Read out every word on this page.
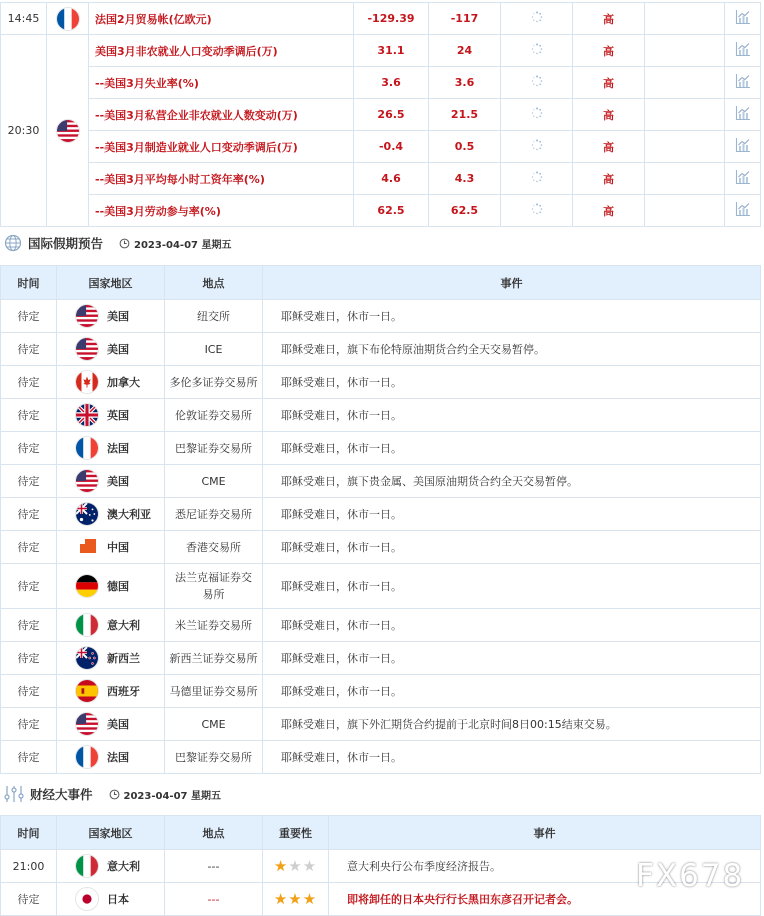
14:45		法国2月贸易帐(亿欧元)	-129.39	-117		高		
20:30		美国3月非农就业人口变动季调后(万)	31.1	24		高		
		--美国3月失业率(%)	3.6	3.6		高		
		--美国3月私营企业非农就业人数变动(万)	26.5	21.5		高		
		--美国3月制造业就业人口变动季调后(万)	-0.4	0.5		高		
		--美国3月平均每小时工资年率(%)	4.6	4.3		高		
		--美国3月劳动参与率(%)	62.5	62.5		高		
国际假期预告	2023-04-07 星期五
时间	国家地区	地点	事件
待定	美国	纽交所	耶稣受难日，休市一日。
待定	美国	ICE	耶稣受难日，旗下布伦特原油期货合约全天交易暂停。
待定	加拿大	多伦多证券交易所	耶稣受难日，休市一日。
待定	英国	伦敦证券交易所	耶稣受难日，休市一日。
待定	法国	巴黎证券交易所	耶稣受难日，休市一日。
待定	美国	CME	耶稣受难日，旗下贵金属、美国原油期货合约全天交易暂停。
待定	澳大利亚	悉尼证券交易所	耶稣受难日，休市一日。
待定	中国	香港交易所	耶稣受难日，休市一日。
待定	德国	法兰克福证券交易所	耶稣受难日，休市一日。
待定	意大利	米兰证券交易所	耶稣受难日，休市一日。
待定	新西兰	新西兰证券交易所	耶稣受难日，休市一日。
待定	西班牙	马德里证券交易所	耶稣受难日，休市一日。
待定	美国	CME	耶稣受难日，旗下外汇期货合约提前于北京时间8日00:15结束交易。
待定	法国	巴黎证券交易所	耶稣受难日，休市一日。
财经大事件	2023-04-07 星期五
时间	国家地区	地点	重要性	事件
21:00	意大利	---	★★★	意大利央行公布季度经济报告。
待定	日本	---	★★★	即将卸任的日本央行行长黑田东彦召开记者会。
FX678
